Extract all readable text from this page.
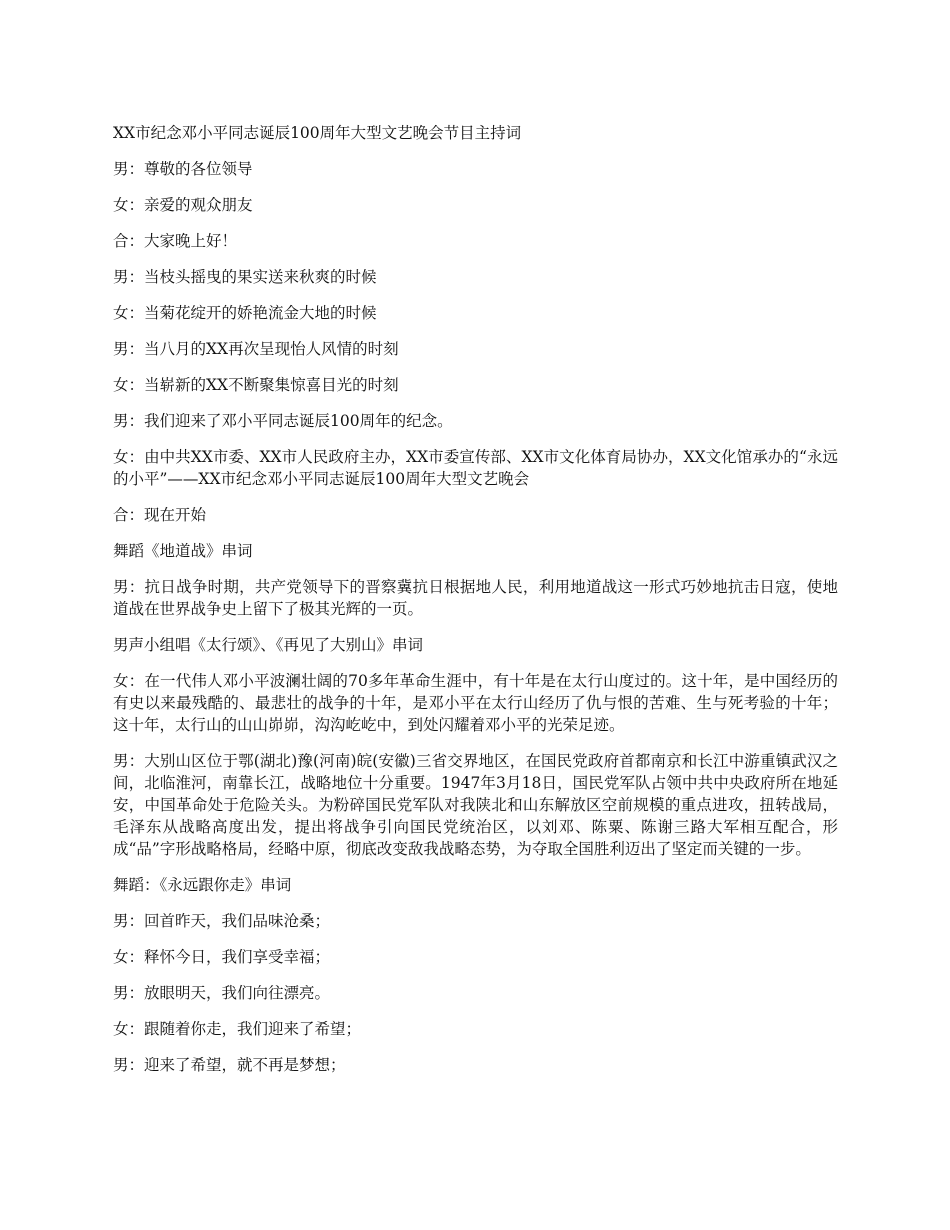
XX市纪念邓小平同志诞辰100周年大型文艺晚会节目主持词

男：尊敬的各位领导

女：亲爱的观众朋友

合：大家晚上好！

男：当枝头摇曳的果实送来秋爽的时候

女：当菊花绽开的娇艳流金大地的时候

男：当八月的XX再次呈现怡人风情的时刻

女：当崭新的XX不断聚集惊喜目光的时刻

男：我们迎来了邓小平同志诞辰100周年的纪念。

女：由中共XX市委、XX市人民政府主办，XX市委宣传部、XX市文化体育局协办，XX文化馆承办的“永远的小平”——XX市纪念邓小平同志诞辰100周年大型文艺晚会

合：现在开始

舞蹈《地道战》串词

男：抗日战争时期，共产党领导下的晋察冀抗日根据地人民，利用地道战这一形式巧妙地抗击日寇，使地道战在世界战争史上留下了极其光辉的一页。

男声小组唱《太行颂》、《再见了大别山》串词

女：在一代伟人邓小平波澜壮阔的70多年革命生涯中，有十年是在太行山度过的。这十年，是中国经历的有史以来最残酷的、最悲壮的战争的十年，是邓小平在太行山经历了仇与恨的苦难、生与死考验的十年；这十年，太行山的山山峁峁，沟沟屹屹中，到处闪耀着邓小平的光荣足迹。

男：大别山区位于鄂(湖北)豫(河南)皖(安徽)三省交界地区，在国民党政府首都南京和长江中游重镇武汉之间，北临淮河，南靠长江，战略地位十分重要。1947年3月18日，国民党军队占领中共中央政府所在地延安，中国革命处于危险关头。为粉碎国民党军队对我陕北和山东解放区空前规模的重点进攻，扭转战局，毛泽东从战略高度出发，提出将战争引向国民党统治区，以刘邓、陈粟、陈谢三路大军相互配合，形成“品”字形战略格局，经略中原，彻底改变敌我战略态势，为夺取全国胜利迈出了坚定而关键的一步。

舞蹈：《永远跟你走》串词

男：回首昨天，我们品味沧桑；

女：释怀今日，我们享受幸福；

男：放眼明天，我们向往漂亮。

女：跟随着你走，我们迎来了希望；

男：迎来了希望，就不再是梦想；
